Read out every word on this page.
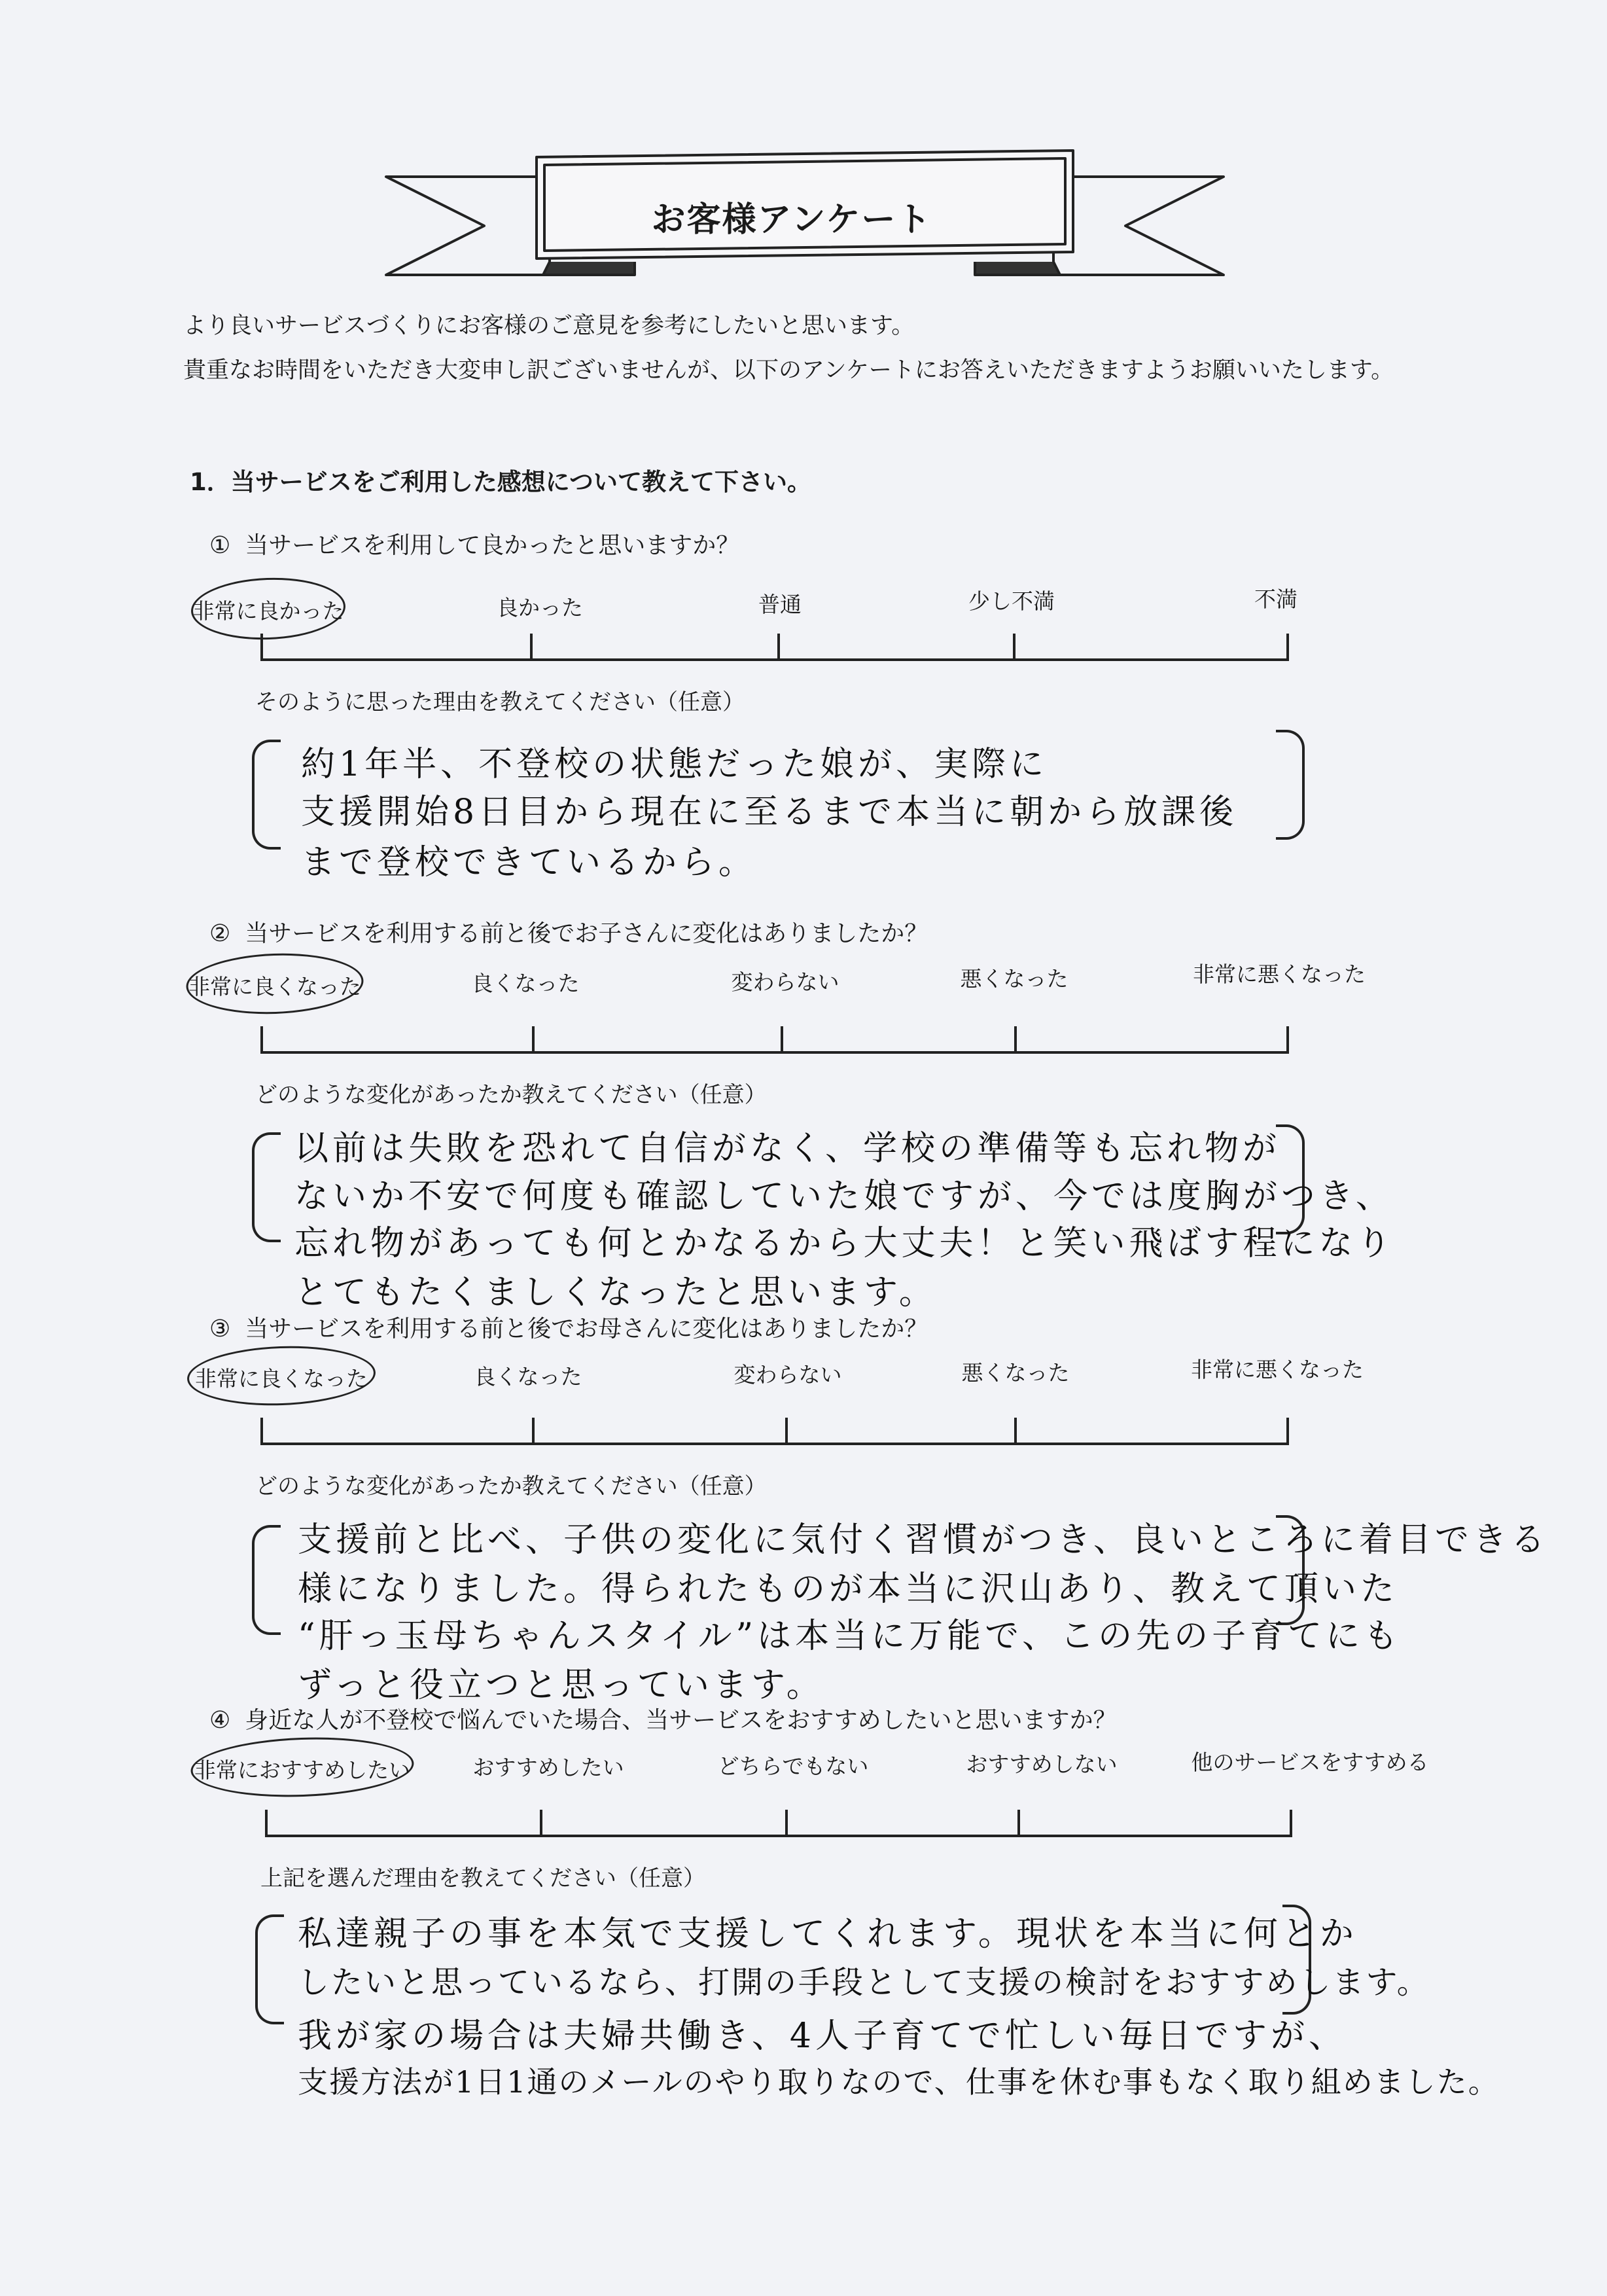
お客様アンケート
より良いサービスづくりにお客様のご意見を参考にしたいと思います。
貴重なお時間をいただき大変申し訳ございませんが、以下のアンケートにお答えいただきますようお願いいたします。
1．当サービスをご利用した感想について教えて下さい。
① 当サービスを利用して良かったと思いますか？
非常に良かった	良かった	普通	少し不満	不満
そのように思った理由を教えてください（任意）
約1年半、不登校の状態だった娘が、実際に
支援開始8日目から現在に至るまで本当に朝から放課後
まで登校できているから。
② 当サービスを利用する前と後でお子さんに変化はありましたか？
非常に良くなった	良くなった	変わらない	悪くなった	非常に悪くなった
どのような変化があったか教えてください（任意）
以前は失敗を恐れて自信がなく、学校の準備等も忘れ物が
ないか不安で何度も確認していた娘ですが、今では度胸がつき、
忘れ物があっても何とかなるから大丈夫！と笑い飛ばす程になり
とてもたくましくなったと思います。
③ 当サービスを利用する前と後でお母さんに変化はありましたか？
非常に良くなった	良くなった	変わらない	悪くなった	非常に悪くなった
どのような変化があったか教えてください（任意）
支援前と比べ、子供の変化に気付く習慣がつき、良いところに着目できる
様になりました。得られたものが本当に沢山あり、教えて頂いた
“肝っ玉母ちゃんスタイル”は本当に万能で、この先の子育てにも
ずっと役立つと思っています。
④ 身近な人が不登校で悩んでいた場合、当サービスをおすすめしたいと思いますか？
非常におすすめしたい	おすすめしたい	どちらでもない	おすすめしない	他のサービスをすすめる
上記を選んだ理由を教えてください（任意）
私達親子の事を本気で支援してくれます。現状を本当に何とか
したいと思っているなら、打開の手段として支援の検討をおすすめします。
我が家の場合は夫婦共働き、4人子育てで忙しい毎日ですが、
支援方法が1日1通のメールのやり取りなので、仕事を休む事もなく取り組めました。
